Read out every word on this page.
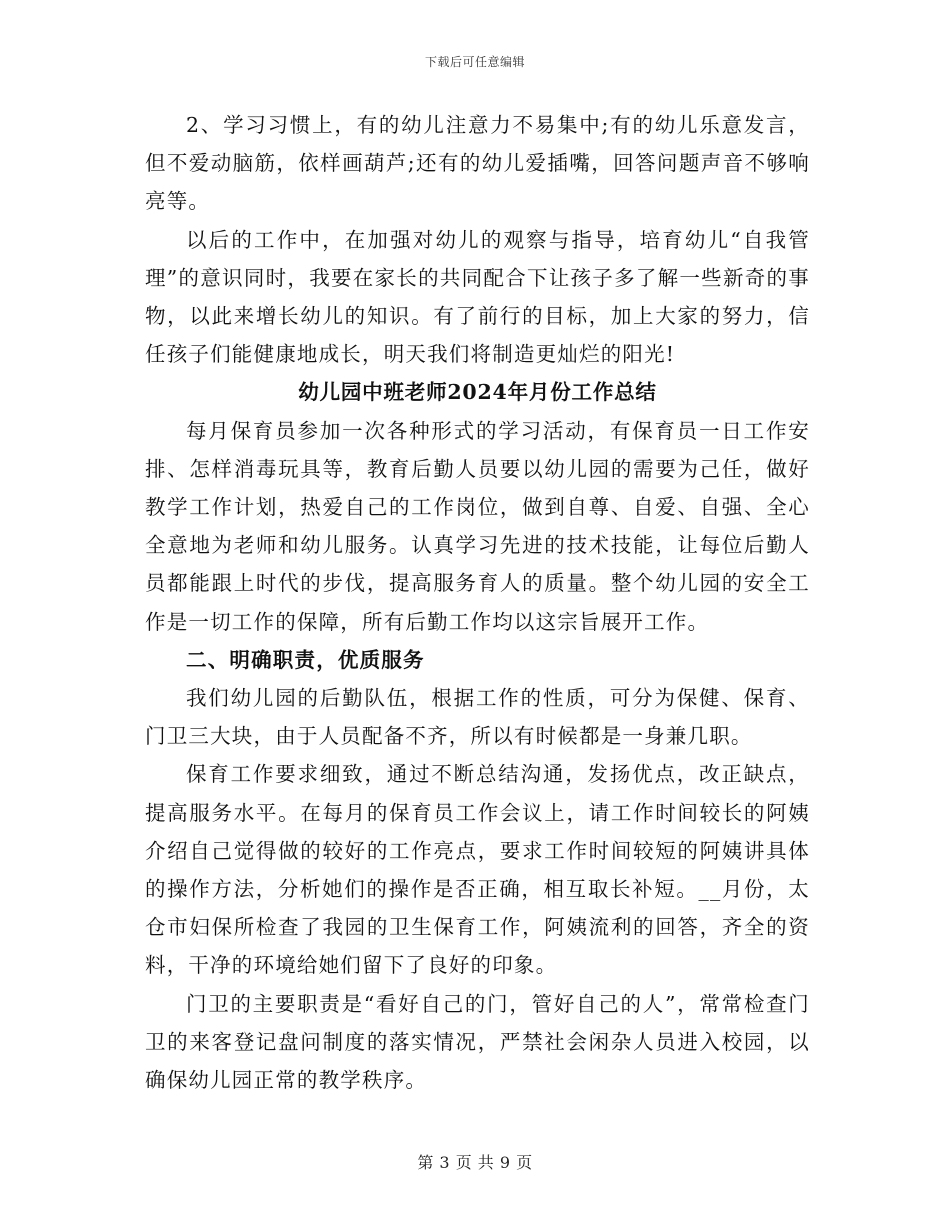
下载后可任意编辑

2、学习习惯上，有的幼儿注意力不易集中;有的幼儿乐意发言，但不爱动脑筋，依样画葫芦;还有的幼儿爱插嘴，回答问题声音不够响亮等。

以后的工作中，在加强对幼儿的观察与指导，培育幼儿“自我管理”的意识同时，我要在家长的共同配合下让孩子多了解一些新奇的事物，以此来增长幼儿的知识。有了前行的目标，加上大家的努力，信任孩子们能健康地成长，明天我们将制造更灿烂的阳光!

幼儿园中班老师2024年月份工作总结

每月保育员参加一次各种形式的学习活动，有保育员一日工作安排、怎样消毒玩具等，教育后勤人员要以幼儿园的需要为己任，做好教学工作计划，热爱自己的工作岗位，做到自尊、自爱、自强、全心全意地为老师和幼儿服务。认真学习先进的技术技能，让每位后勤人员都能跟上时代的步伐，提高服务育人的质量。整个幼儿园的安全工作是一切工作的保障，所有后勤工作均以这宗旨展开工作。

二、明确职责，优质服务

我们幼儿园的后勤队伍，根据工作的性质，可分为保健、保育、门卫三大块，由于人员配备不齐，所以有时候都是一身兼几职。

保育工作要求细致，通过不断总结沟通，发扬优点，改正缺点，提高服务水平。在每月的保育员工作会议上，请工作时间较长的阿姨介绍自己觉得做的较好的工作亮点，要求工作时间较短的阿姨讲具体的操作方法，分析她们的操作是否正确，相互取长补短。__月份，太仓市妇保所检查了我园的卫生保育工作，阿姨流利的回答，齐全的资料，干净的环境给她们留下了良好的印象。

门卫的主要职责是“看好自己的门，管好自己的人”，常常检查门卫的来客登记盘问制度的落实情况，严禁社会闲杂人员进入校园，以确保幼儿园正常的教学秩序。

第 3 页 共 9 页
